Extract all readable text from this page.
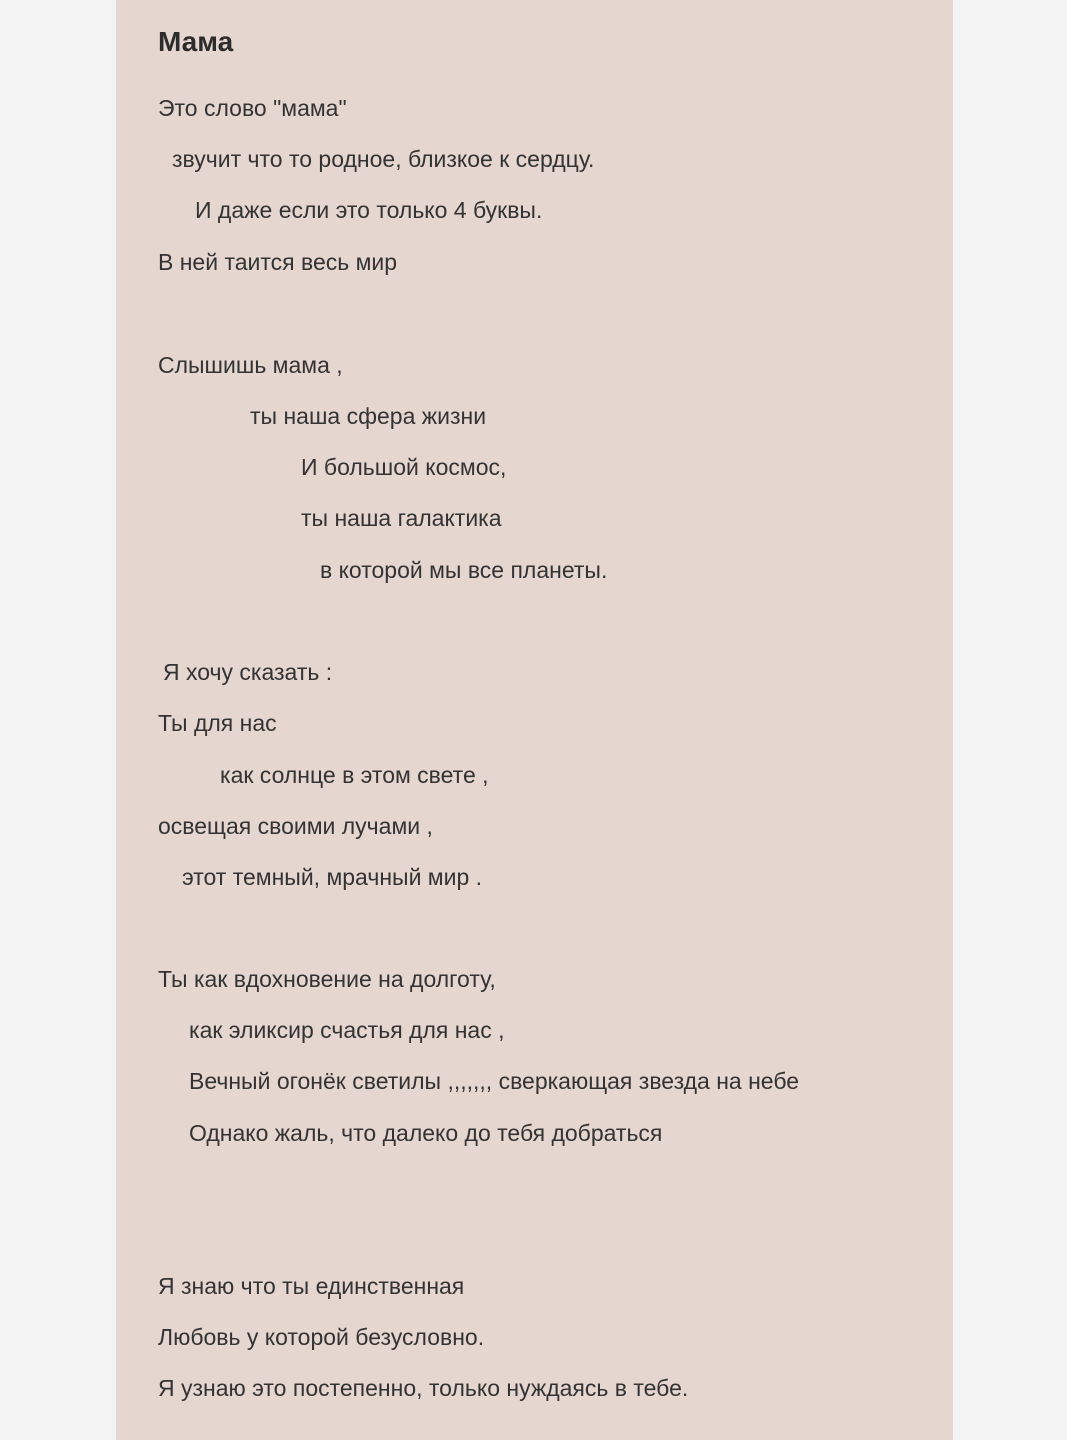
Мама
Это слово "мама"
звучит что то родное, близкое к сердцу.
И даже если это только 4 буквы.
В ней таится весь мир
Слышишь мама ,
ты наша сфера жизни
И большой космос,
ты наша галактика
в которой мы все планеты.
Я хочу сказать :
Ты для нас
как солнце в этом свете ,
освещая своими лучами ,
этот темный, мрачный мир .
Ты как вдохновение на долготу,
как эликсир счастья для нас ,
Вечный огонёк светилы ,,,,,,, сверкающая звезда на небе
Однако жаль, что далеко до тебя добраться
Я знаю что ты единственная
Любовь у которой безусловно.
Я узнаю это постепенно, только нуждаясь в тебе.
